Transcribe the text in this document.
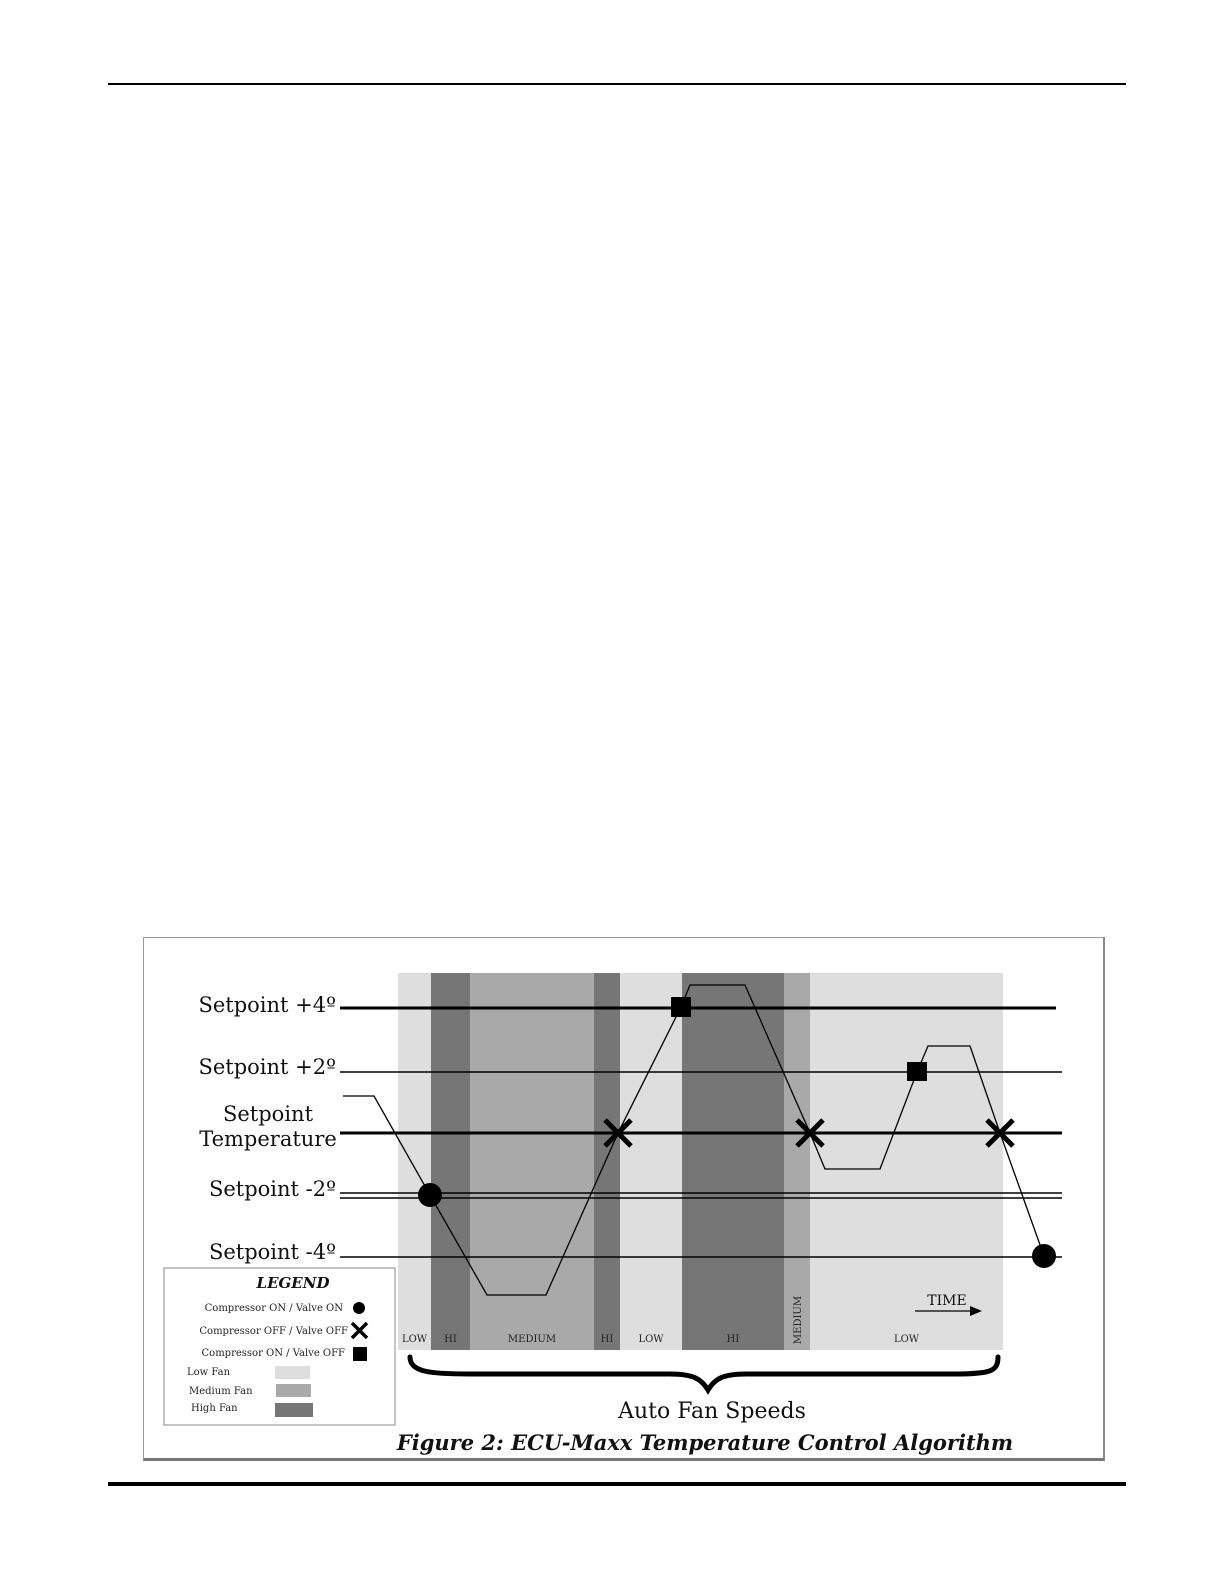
LOW HI	MEDIUM	HI	LOW	HI	MEDIUM	LOW
Setpoint +4º
Setpoint +2º
Setpoint
Temperature
Setpoint -2º
Setpoint -4º
TIME
Auto Fan Speeds
Figure 2: ECU-Maxx Temperature Control Algorithm
LEGEND
Compressor ON / Valve ON
Compressor OFF / Valve OFF
Compressor ON / Valve OFF
Low Fan
Medium Fan
High Fan
